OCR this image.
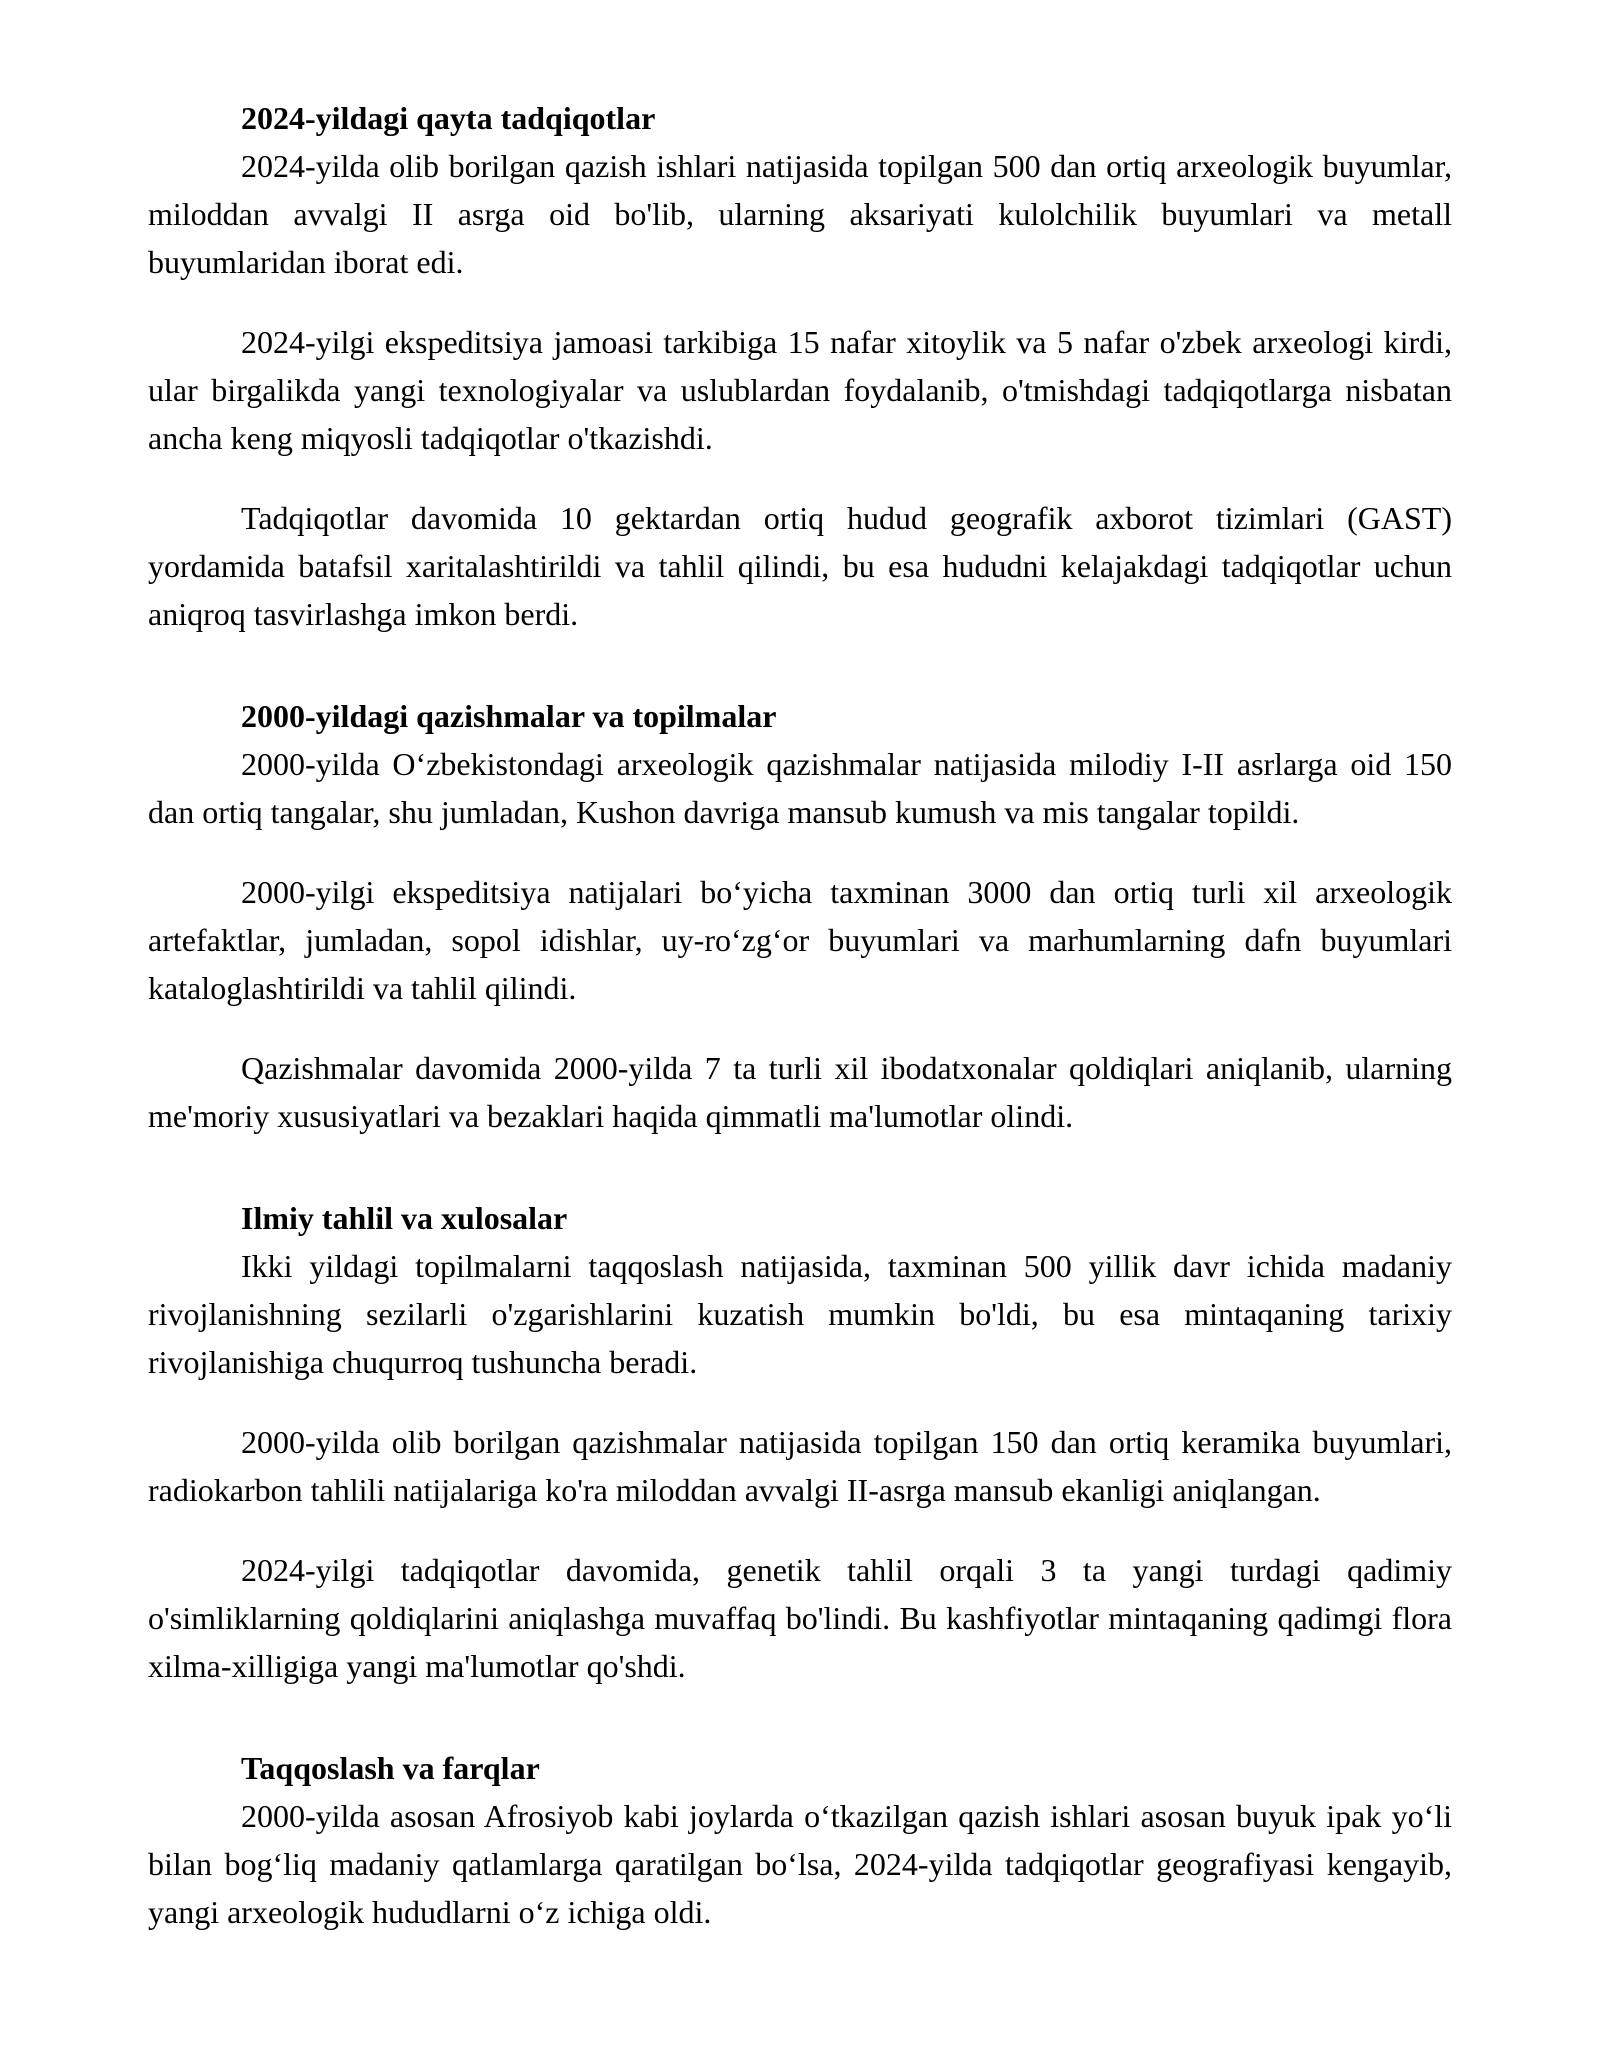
2024-yildagi qayta tadqiqotlar

2024-yilda olib borilgan qazish ishlari natijasida topilgan 500 dan ortiq arxeologik buyumlar, miloddan avvalgi II asrga oid bo'lib, ularning aksariyati kulolchilik buyumlari va metall buyumlaridan iborat edi.

2024-yilgi ekspeditsiya jamoasi tarkibiga 15 nafar xitoylik va 5 nafar o'zbek arxeologi kirdi, ular birgalikda yangi texnologiyalar va uslublardan foydalanib, o'tmishdagi tadqiqotlarga nisbatan ancha keng miqyosli tadqiqotlar o'tkazishdi.

Tadqiqotlar davomida 10 gektardan ortiq hudud geografik axborot tizimlari (GAST) yordamida batafsil xaritalashtirildi va tahlil qilindi, bu esa hududni kelajakdagi tadqiqotlar uchun aniqroq tasvirlashga imkon berdi.

2000-yildagi qazishmalar va topilmalar

2000-yilda O‘zbekistondagi arxeologik qazishmalar natijasida milodiy I-II asrlarga oid 150 dan ortiq tangalar, shu jumladan, Kushon davriga mansub kumush va mis tangalar topildi.

2000-yilgi ekspeditsiya natijalari bo‘yicha taxminan 3000 dan ortiq turli xil arxeologik artefaktlar, jumladan, sopol idishlar, uy-ro‘zg‘or buyumlari va marhumlarning dafn buyumlari kataloglashtirildi va tahlil qilindi.

Qazishmalar davomida 2000-yilda 7 ta turli xil ibodatxonalar qoldiqlari aniqlanib, ularning me'moriy xususiyatlari va bezaklari haqida qimmatli ma'lumotlar olindi.

Ilmiy tahlil va xulosalar

Ikki yildagi topilmalarni taqqoslash natijasida, taxminan 500 yillik davr ichida madaniy rivojlanishning sezilarli o'zgarishlarini kuzatish mumkin bo'ldi, bu esa mintaqaning tarixiy rivojlanishiga chuqurroq tushuncha beradi.

2000-yilda olib borilgan qazishmalar natijasida topilgan 150 dan ortiq keramika buyumlari, radiokarbon tahlili natijalariga ko'ra miloddan avvalgi II-asrga mansub ekanligi aniqlangan.

2024-yilgi tadqiqotlar davomida, genetik tahlil orqali 3 ta yangi turdagi qadimiy o'simliklarning qoldiqlarini aniqlashga muvaffaq bo'lindi. Bu kashfiyotlar mintaqaning qadimgi flora xilma-xilligiga yangi ma'lumotlar qo'shdi.

Taqqoslash va farqlar

2000-yilda asosan Afrosiyob kabi joylarda o‘tkazilgan qazish ishlari asosan buyuk ipak yo‘li bilan bog‘liq madaniy qatlamlarga qaratilgan bo‘lsa, 2024-yilda tadqiqotlar geografiyasi kengayib, yangi arxeologik hududlarni o‘z ichiga oldi.
